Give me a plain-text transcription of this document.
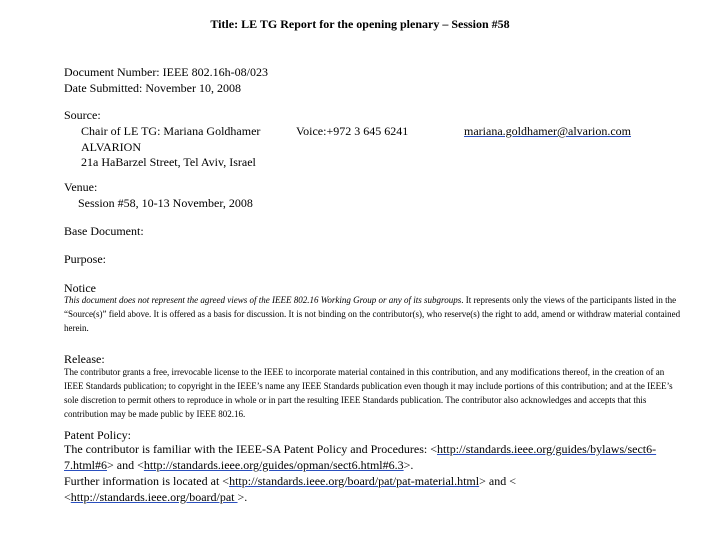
Title: LE TG Report for the opening plenary – Session #58
Document Number: IEEE 802.16h-08/023
Date Submitted: November 10, 2008
Source:
Chair of LE TG: Mariana Goldhamer
ALVARION
21a HaBarzel Street, Tel Aviv, Israel
Voice:+972 3 645 6241	mariana.goldhamer@alvarion.com
Venue:
Session #58, 10-13 November, 2008
Base Document:
Purpose:
Notice
This document does not represent the agreed views of the IEEE 802.16 Working Group or any of its subgroups. It represents only the views of the participants listed in the “Source(s)” field above. It is offered as a basis for discussion. It is not binding on the contributor(s), who reserve(s) the right to add, amend or withdraw material contained herein.
Release:
The contributor grants a free, irrevocable license to the IEEE to incorporate material contained in this contribution, and any modifications thereof, in the creation of an IEEE Standards publication; to copyright in the IEEE’s name any IEEE Standards publication even though it may include portions of this contribution; and at the IEEE’s sole discretion to permit others to reproduce in whole or in part the resulting IEEE Standards publication. The contributor also acknowledges and accepts that this contribution may be made public by IEEE 802.16.
Patent Policy:
The contributor is familiar with the IEEE-SA Patent Policy and Procedures: <http://standards.ieee.org/guides/bylaws/sect6-7.html#6> and <http://standards.ieee.org/guides/opman/sect6.html#6.3>.
Further information is located at <http://standards.ieee.org/board/pat/pat-material.html> and <
<http://standards.ieee.org/board/pat >.
